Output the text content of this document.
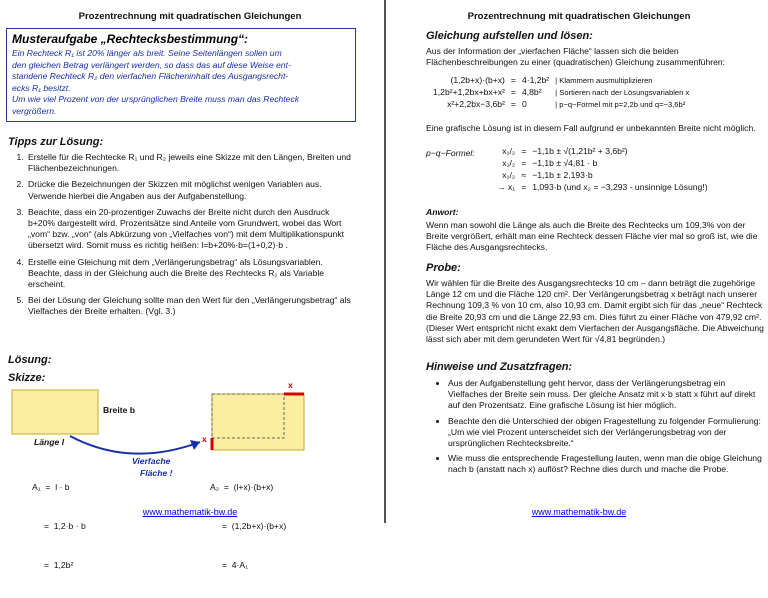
Prozentrechnung mit quadratischen Gleichungen
Musteraufgabe „Rechtecksbestimmung“:
Ein Rechteck R₁ ist 20% länger als breit. Seine Seitenlängen sollen um
den gleichen Betrag verlängert werden, so dass das auf diese Weise ent-
standene Rechteck R₂ den vierfachen Flächeninhalt des Ausgangsrecht-
ecks R₁ besitzt.
Um wie viel Prozent von der ursprünglichen Breite muss man das Rechteck
vergrößern.
Tipps zur Lösung:
1. Erstelle für die Rechtecke R₁ und R₂ jeweils eine Skizze mit den Längen, Breiten und Flächenbezeichnungen.
2. Drücke die Bezeichnungen der Skizzen mit möglichst wenigen Variablen aus. Verwende hierbei die Angaben aus der Aufgabenstellung.
3. Beachte, dass ein 20-prozentiger Zuwachs der Breite nicht durch den Ausdruck b+20% dargestellt wird. Prozentsätze sind Anteile vom Grundwert, wobei das Wort „vom“ bzw. „von“ (als Abkürzung von „Vielfaches von“) mit dem Multiplikationspunkt übersetzt wird. Somit muss es richtig heißen: l=b+20%·b=(1+0,2)·b .
4. Erstelle eine Gleichung mit dem „Verlängerungsbetrag“ als Lösungsvariablen. Beachte, dass in der Gleichung auch die Breite des Rechtecks R₁ als Variable erscheint.
5. Bei der Lösung der Gleichung sollte man den Wert für den „Verlängerungsbetrag“ als Vielfaches der Breite erhalten. (Vgl. 3.)
Lösung:
Skizze:
Breite b
Länge l
x
x
Vierfache
Fläche !

A₁  =  l · b

=  1,2·b · b

=  1,2b²

A₂  =  (l+x)·(b+x)

=  (1,2b+x)·(b+x)

=  4·A₁

www.mathematik-bw.de
Prozentrechnung mit quadratischen Gleichungen
Gleichung aufstellen und lösen:
Aus der Information der „vierfachen Fläche“ lassen sich die beiden Flächenbeschreibungen zu einer (quadratischen) Gleichung zusammenführen:
(1,2b+x)·(b+x)	=	4·1,2b²	| Klammern ausmultiplizieren
1,2b²+1,2bx+bx+x²	=	4,8b²	| Sortieren nach der Lösungsvariablen x
x²+2,2bx−3,6b²	=	0	| p−q−Formel mit p=2,2b und q=−3,6b²
Eine grafische Lösung ist in diesem Fall aufgrund er unbekannten Breite nicht möglich.
p−q−Formel:	x₁/₂	=	−1,1b ± √(1,21b² + 3,6b²)
x₁/₂	=	−1,1b ± √4,81 · b
x₁/₂	≈	−1,1b ± 2,193·b
→ x₁	=	1,093·b (und x₂ = −3,293 - unsinnige Lösung!)
Anwort:
Wenn man sowohl die Länge als auch die Breite des Rechtecks um 109,3% von der Breite vergrößert, erhält man eine Rechteck dessen Fläche vier mal so groß ist, wie die Fläche des Ausgangsrechtecks.
Probe:
Wir wählen für die Breite des Ausgangsrechtecks 10 cm – dann beträgt die zugehörige Länge 12 cm und die Fläche 120 cm². Der Verlängerungsbetrag x beträgt nach unserer Rechnung 109,3 % von 10 cm, also 10,93 cm. Damit ergibt sich für das „neue“ Rechteck die Breite 20,93 cm und die Länge 22,93 cm. Dies führt zu einer Fläche von 479,92 cm². (Dieser Wert entspricht nicht exakt dem Vierfachen der Ausgangsfläche. Die Abweichung lässt sich aber mit dem gerundeten Wert für √4,81 begründen.)
Hinweise und Zusatzfragen:
• Aus der Aufgabenstellung geht hervor, dass der Verlängerungsbetrag ein Vielfaches der Breite sein muss. Der gleiche Ansatz mit x·b statt x führt auf direkt auf den Prozentsatz. Eine grafische Lösung ist hier möglich.
• Beachte den die Unterschied der obigen Fragestellung zu folgender Formulierung: „Um wie viel Prozent unterscheidet sich der Verlängerungsbetrag von der ursprünglichen Rechtecksbreite.“
• Wie muss die entsprechende Fragestellung lauten, wenn man die obige Gleichung nach b (anstatt nach x) auflöst? Rechne dies durch und mache die Probe.
www.mathematik-bw.de
